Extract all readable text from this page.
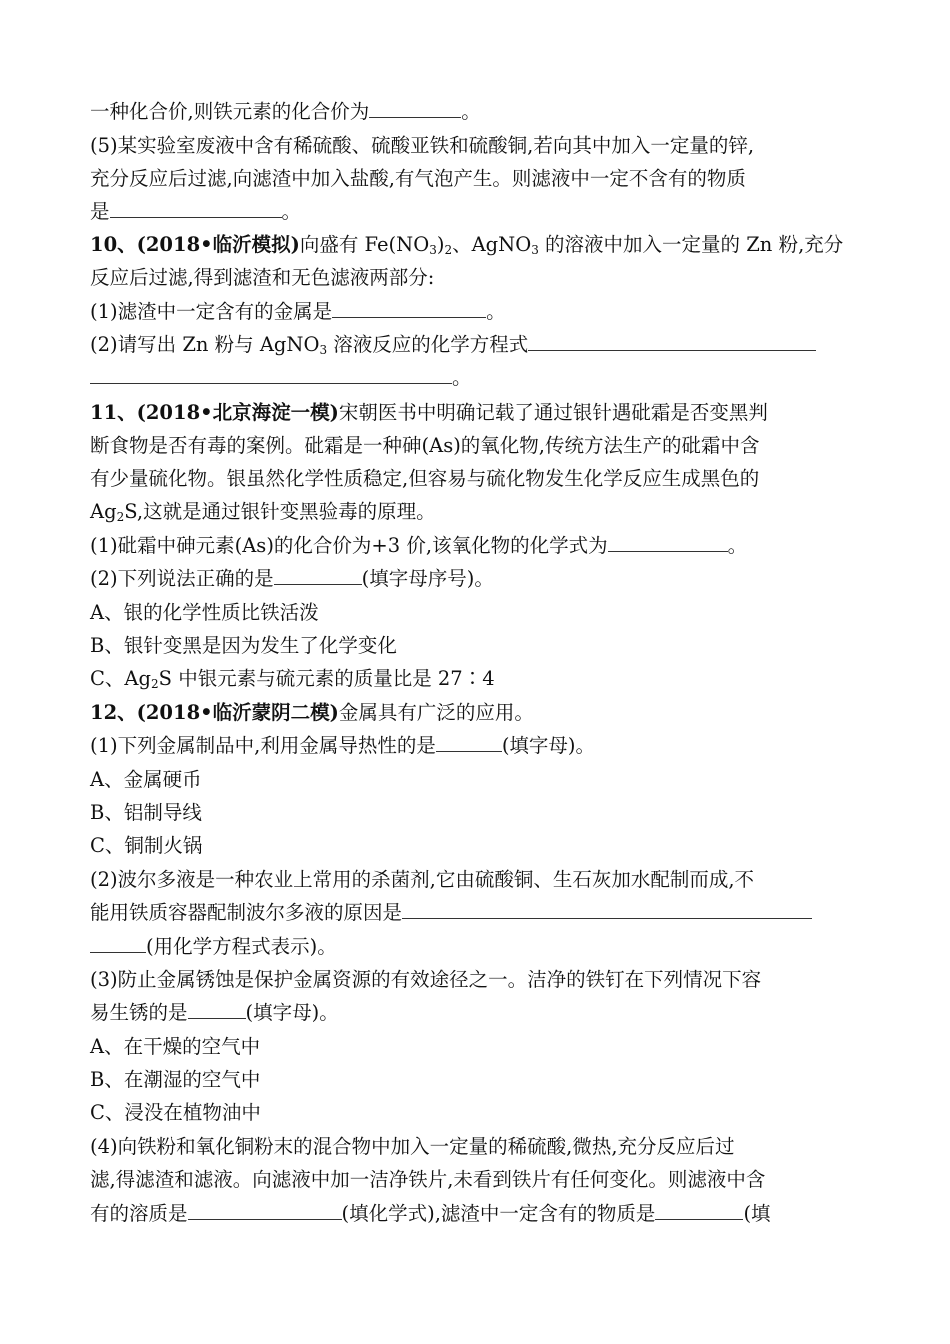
一种化合价,则铁元素的化合价为	。
(5)某实验室废液中含有稀硫酸、硫酸亚铁和硫酸铜,若向其中加入一定量的锌,
充分反应后过滤,向滤渣中加入盐酸,有气泡产生。则滤液中一定不含有的物质
是	。
10、(2018•临沂模拟)向盛有 $Fe(NO_3)_2$、AgNO$_3$ 的溶液中加入一定量的 Zn 粉,充分
反应后过滤,得到滤渣和无色滤液两部分:
(1)滤渣中一定含有的金属是	。
(2)请写出 Zn 粉与 AgNO$_3$ 溶液反应的化学方程式
。
11、(2018•北京海淀一模)宋朝医书中明确记载了通过银针遇砒霜是否变黑判
断食物是否有毒的案例。砒霜是一种砷(As)的氧化物,传统方法生产的砒霜中含
有少量硫化物。银虽然化学性质稳定,但容易与硫化物发生化学反应生成黑色的
$Ag_2S$,这就是通过银针变黑验毒的原理。
(1)砒霜中砷元素(As)的化合价为+3 价,该氧化物的化学式为	。
(2)下列说法正确的是	(填字母序号)。
A、银的化学性质比铁活泼
B、银针变黑是因为发生了化学变化
C、$Ag_2S$ 中银元素与硫元素的质量比是 27∶4
12、(2018•临沂蒙阴二模)金属具有广泛的应用。
(1)下列金属制品中,利用金属导热性的是	(填字母)。
A、金属硬币
B、铝制导线
C、铜制火锅
(2)波尔多液是一种农业上常用的杀菌剂,它由硫酸铜、生石灰加水配制而成,不
能用铁质容器配制波尔多液的原因是
(用化学方程式表示)。
(3)防止金属锈蚀是保护金属资源的有效途径之一。洁净的铁钉在下列情况下容
易生锈的是	(填字母)。
A、在干燥的空气中
B、在潮湿的空气中
C、浸没在植物油中
(4)向铁粉和氧化铜粉末的混合物中加入一定量的稀硫酸,微热,充分反应后过
滤,得滤渣和滤液。向滤液中加一洁净铁片,未看到铁片有任何变化。则滤液中含
有的溶质是	(填化学式),滤渣中一定含有的物质是	(填
